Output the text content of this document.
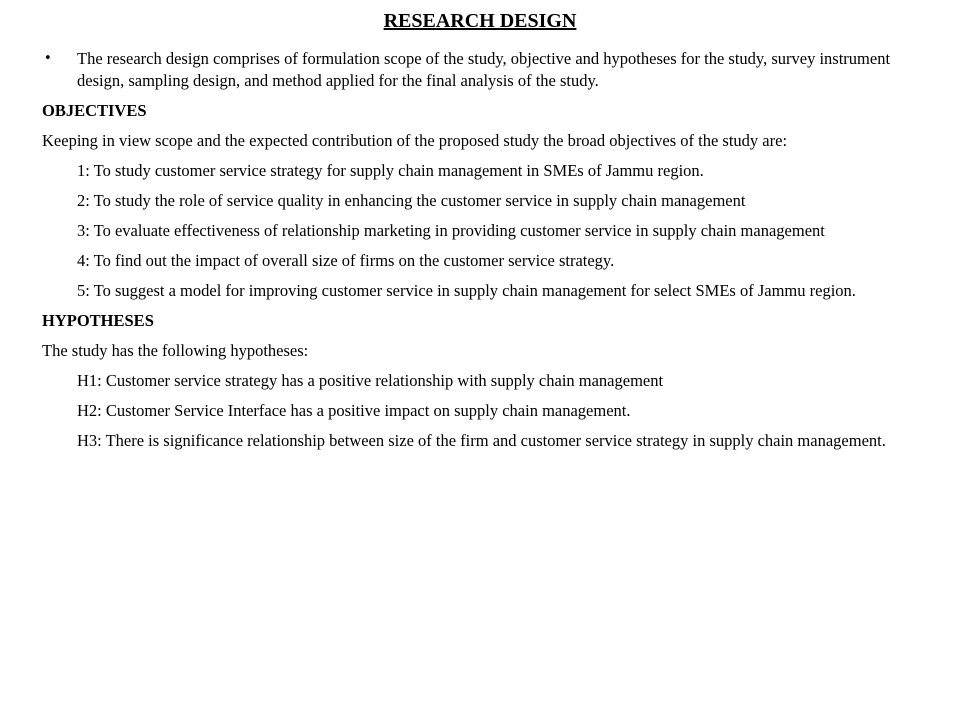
RESEARCH DESIGN
• The research design comprises of formulation scope of the study, objective and hypotheses for the study, survey instrument design, sampling design, and method applied for the final analysis of the study.
OBJECTIVES
Keeping in view scope and the expected contribution of the proposed study the broad objectives of the study are:
1: To study customer service strategy for supply chain management in SMEs of Jammu region.
2: To study the role of service quality in enhancing the customer service in supply chain management
3: To evaluate effectiveness of relationship marketing in providing customer service in supply chain management
4: To find out the impact of overall size of firms on the customer service strategy.
5: To suggest a model for improving customer service in supply chain management for select SMEs of Jammu region.
HYPOTHESES
The study has the following hypotheses:
H1: Customer service strategy has a positive relationship with supply chain management
H2: Customer Service Interface has a positive impact on supply chain management.
H3: There is significance relationship between size of the firm and customer service strategy in supply chain management.
